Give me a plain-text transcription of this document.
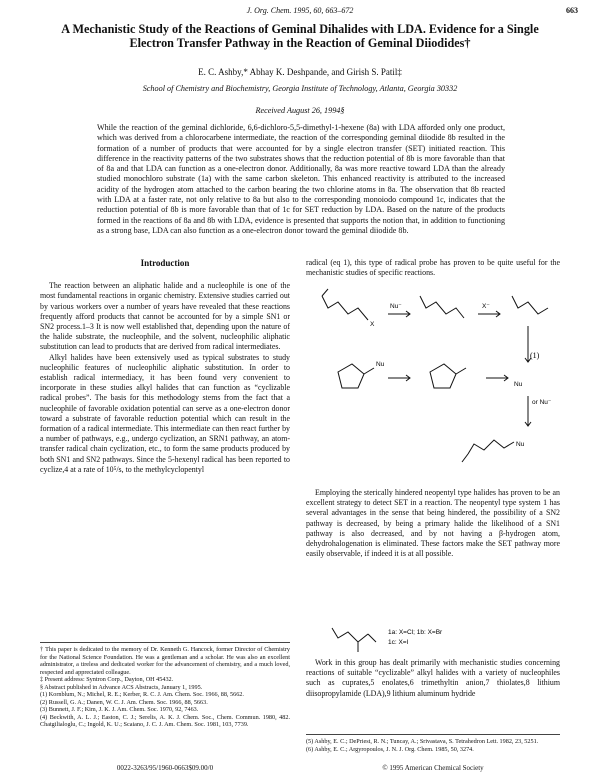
J. Org. Chem. 1995, 60, 663–672	663
A Mechanistic Study of the Reactions of Geminal Dihalides with LDA. Evidence for a Single Electron Transfer Pathway in the Reaction of Geminal Diiodides†
E. C. Ashby,* Abhay K. Deshpande, and Girish S. Patil‡
School of Chemistry and Biochemistry, Georgia Institute of Technology, Atlanta, Georgia 30332
Received August 26, 1994§
While the reaction of the geminal dichloride, 6,6-dichloro-5,5-dimethyl-1-hexene (8a) with LDA afforded only one product, which was derived from a chlorocarbene intermediate, the reaction of the corresponding geminal diiodide 8b resulted in the formation of a number of products that were accounted for by a single electron transfer (SET) initiated reaction. This difference in the reactivity patterns of the two substrates shows that the reduction potential of 8b is more favorable than that of 8a and that LDA can function as a one-electron donor. Additionally, 8a was more reactive toward LDA than the already studied monochloro substrate (1a) with the same carbon skeleton. This enhanced reactivity is attributed to the increased acidity of the hydrogen atom attached to the carbon bearing the two chlorine atoms in 8a. The observation that 8b reacted with LDA at a faster rate, not only relative to 8a but also to the corresponding monoiodo compound 1c, indicates that the reduction potential of 8b is more favorable than that of 1c for SET reduction by LDA. Based on the nature of the products formed in the reactions of 8a and 8b with LDA, evidence is presented that supports the notion that, in addition to functioning as a strong base, LDA can also function as a one-electron donor toward the geminal diiodide 8b.
Introduction

The reaction between an aliphatic halide and a nucleophile is one of the most fundamental reactions in organic chemistry. Extensive studies carried out by various workers over a number of years have revealed that these reactions frequently afford products that cannot be accounted for by a simple SN1 or SN2 process.1–3 It is now well established that, depending upon the nature of the halide substrate, the nucleophile, and the solvent, nucleophilic aliphatic substitution can lead to products that are derived from radical intermediates.

Alkyl halides have been extensively used as typical substrates to study nucleophilic features of nucleophilic aliphatic substitution. In order to establish radical intermediacy, it has been found very convenient to incorporate in these studies alkyl halides that can function as “cyclizable radical probes”. The basis for this methodology stems from the fact that a nucleophile of favorable oxidation potential can serve as a one-electron donor toward a substrate of favorable reduction potential which can result in the formation of a radical intermediate. This intermediate can then react further by a number of pathways, e.g., undergo cyclization, an SRN1 pathway, an atom-transfer radical chain cyclization, etc., to form the same products produced by both SN1 and SN2 pathways. Since the 5-hexenyl radical has been reported to cyclize,4 at a rate of 10⁵/s, to the methylcyclopentyl

† This paper is dedicated to the memory of Dr. Kenneth G. Hancock, former Director of Chemistry for the National Science Foundation. He was a gentleman and a scholar. He was also an excellent administrator, a tireless and dedicated worker for the advancement of chemistry, and a much loved, respected and appreciated colleague.
‡ Present address: Syntron Corp., Dayton, OH 45432.
§ Abstract published in Advance ACS Abstracts, January 1, 1995.
(1) Kornblum, N.; Michel, R. E.; Kerber, R. C. J. Am. Chem. Soc. 1966, 88, 5662.
(2) Russell, G. A.; Danen, W. C. J. Am. Chem. Soc. 1966, 88, 5663.
(3) Bunnett, J. F.; Kim, J. K. J. Am. Chem. Soc. 1970, 92, 7463.
(4) Beckwith, A. L. J.; Easton, C. J.; Serelis, A. K. J. Chem. Soc., Chem. Commun. 1980, 482. Chatgilialoglu, C.; Ingold, K. U.; Scaiano, J. C. J. Am. Chem. Soc. 1981, 103, 7739.

radical (eq 1), this type of radical probe has proven to be quite useful for the mechanistic studies of specific reactions.

X
Nu
Nu⁻	X⁻
or Nu⁻
Nu
Nu
(1)

Employing the sterically hindered neopentyl type halides has proven to be an excellent strategy to detect SET in a reaction. The neopentyl type system 1 has several advantages in the sense that being hindered, the possibility of a SN2 pathway is decreased, by being a primary halide the likelihood of a SN1 pathway is also decreased, and by not having a β-hydrogen atom, dehydrohalogenation is eliminated. These factors make the SET pathway more easily observable, if indeed it is at all possible.

1a: X=Cl; 1b: X=Br
1c: X=I

Work in this group has dealt primarily with mechanistic studies concerning reactions of suitable “cyclizable” alkyl halides with a variety of nucleophiles such as cuprates,5 enolates,6 trimethyltin anion,7 thiolates,8 lithium diisopropylamide (LDA),9 lithium aluminum hydride

(5) Ashby, E. C.; DePriest, R. N.; Tuncay, A.; Srivastava, S. Tetrahedron Lett. 1982, 23, 5251.
(6) Ashby, E. C.; Argyropoulos, J. N. J. Org. Chem. 1985, 50, 3274.
0022-3263/95/1960-0663$09.00/0	© 1995 American Chemical Society
